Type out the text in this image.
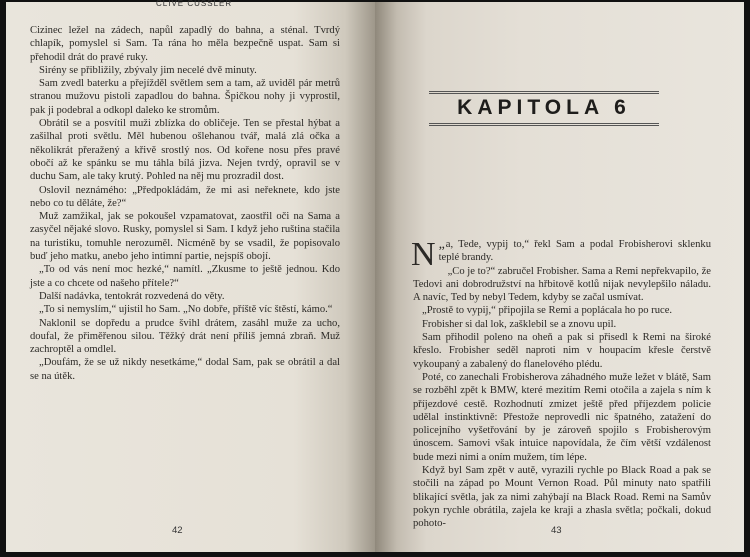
CLIVE CUSSLER

Cizinec ležel na zádech, napůl zapadlý do bahna, a sténal. Tvrdý chlapík, pomyslel si Sam. Ta rána ho měla bezpečně uspat. Sam si přehodil drát do pravé ruky.

Sirény se přibližily, zbývaly jim necelé dvě minuty.

Sam zvedl baterku a přejížděl světlem sem a tam, až uviděl pár metrů stranou mužovu pistoli zapadlou do bahna. Špičkou nohy ji vyprostil, pak ji podebral a odkopl daleko ke stromům.

Obrátil se a posvítil muži zblízka do obličeje. Ten se přestal hýbat a zašilhal proti světlu. Měl hubenou ošlehanou tvář, malá zlá očka a několikrát přeražený a křivě srostlý nos. Od kořene nosu přes pravé obočí až ke spánku se mu táhla bílá jizva. Nejen tvrdý, opravil se v duchu Sam, ale taky krutý. Pohled na něj mu prozradil dost.

Oslovil neznámého: „Předpokládám, že mi asi neřeknete, kdo jste nebo co tu děláte, že?“

Muž zamžikal, jak se pokoušel vzpamatovat, zaostřil oči na Sama a zasyčel nějaké slovo. Rusky, pomyslel si Sam. I když jeho ruština stačila na turistiku, tomuhle nerozuměl. Nicméně by se vsadil, že popisovalo buď jeho matku, anebo jeho intimní partie, nejspíš obojí.

„To od vás není moc hezké,“ namítl. „Zkusme to ještě jednou. Kdo jste a co chcete od našeho přítele?“

Další nadávka, tentokrát rozvedená do věty.

„To si nemyslím,“ ujistil ho Sam. „No dobře, příště víc štěstí, kámo.“

Naklonil se dopředu a prudce švihl drátem, zasáhl muže za ucho, doufal, že přiměřenou silou. Těžký drát není příliš jemná zbraň. Muž zachroptěl a omdlel.

„Doufám, že se už nikdy nesetkáme,“ dodal Sam, pak se obrátil a dal se na útěk.

42
KAPITOLA 6

„
N a, Tede, vypij to,“ řekl Sam a podal Frobisherovi sklenku teplé brandy.

„Co je to?“ zabručel Frobisher. Sama a Remi nepřekvapilo, že Tedovi ani dobrodružství na hřbitově kotlů nijak nevylepšilo náladu. A navíc, Ted by nebyl Tedem, kdyby se začal usmívat.

„Prostě to vypij,“ připojila se Remi a poplácala ho po ruce.

Frobisher si dal lok, zašklebil se a znovu upil.

Sam přihodil poleno na oheň a pak si přisedl k Remi na široké křeslo. Frobisher seděl naproti nim v houpacím křesle čerstvě vykoupaný a zabalený do flanelového plédu.

Poté, co zanechali Frobisherova záhadného muže ležet v blátě, Sam se rozběhl zpět k BMW, které mezitím Remi otočila a zajela s ním k příjezdové cestě. Rozhodnutí zmizet ještě před příjezdem policie udělal instinktivně: Přestože neprovedli nic špatného, zatažení do policejního vyšetřování by je zároveň spojilo s Frobisherovým únoscem. Samovi však intuice napovídala, že čím větší vzdálenost bude mezi nimi a oním mužem, tím lépe.

Když byl Sam zpět v autě, vyrazili rychle po Black Road a pak se stočili na západ po Mount Vernon Road. Půl minuty nato spatřili blikající světla, jak za nimi zahýbají na Black Road. Remi na Samův pokyn rychle obrátila, zajela ke kraji a zhasla světla; počkali, dokud pohoto-

43
